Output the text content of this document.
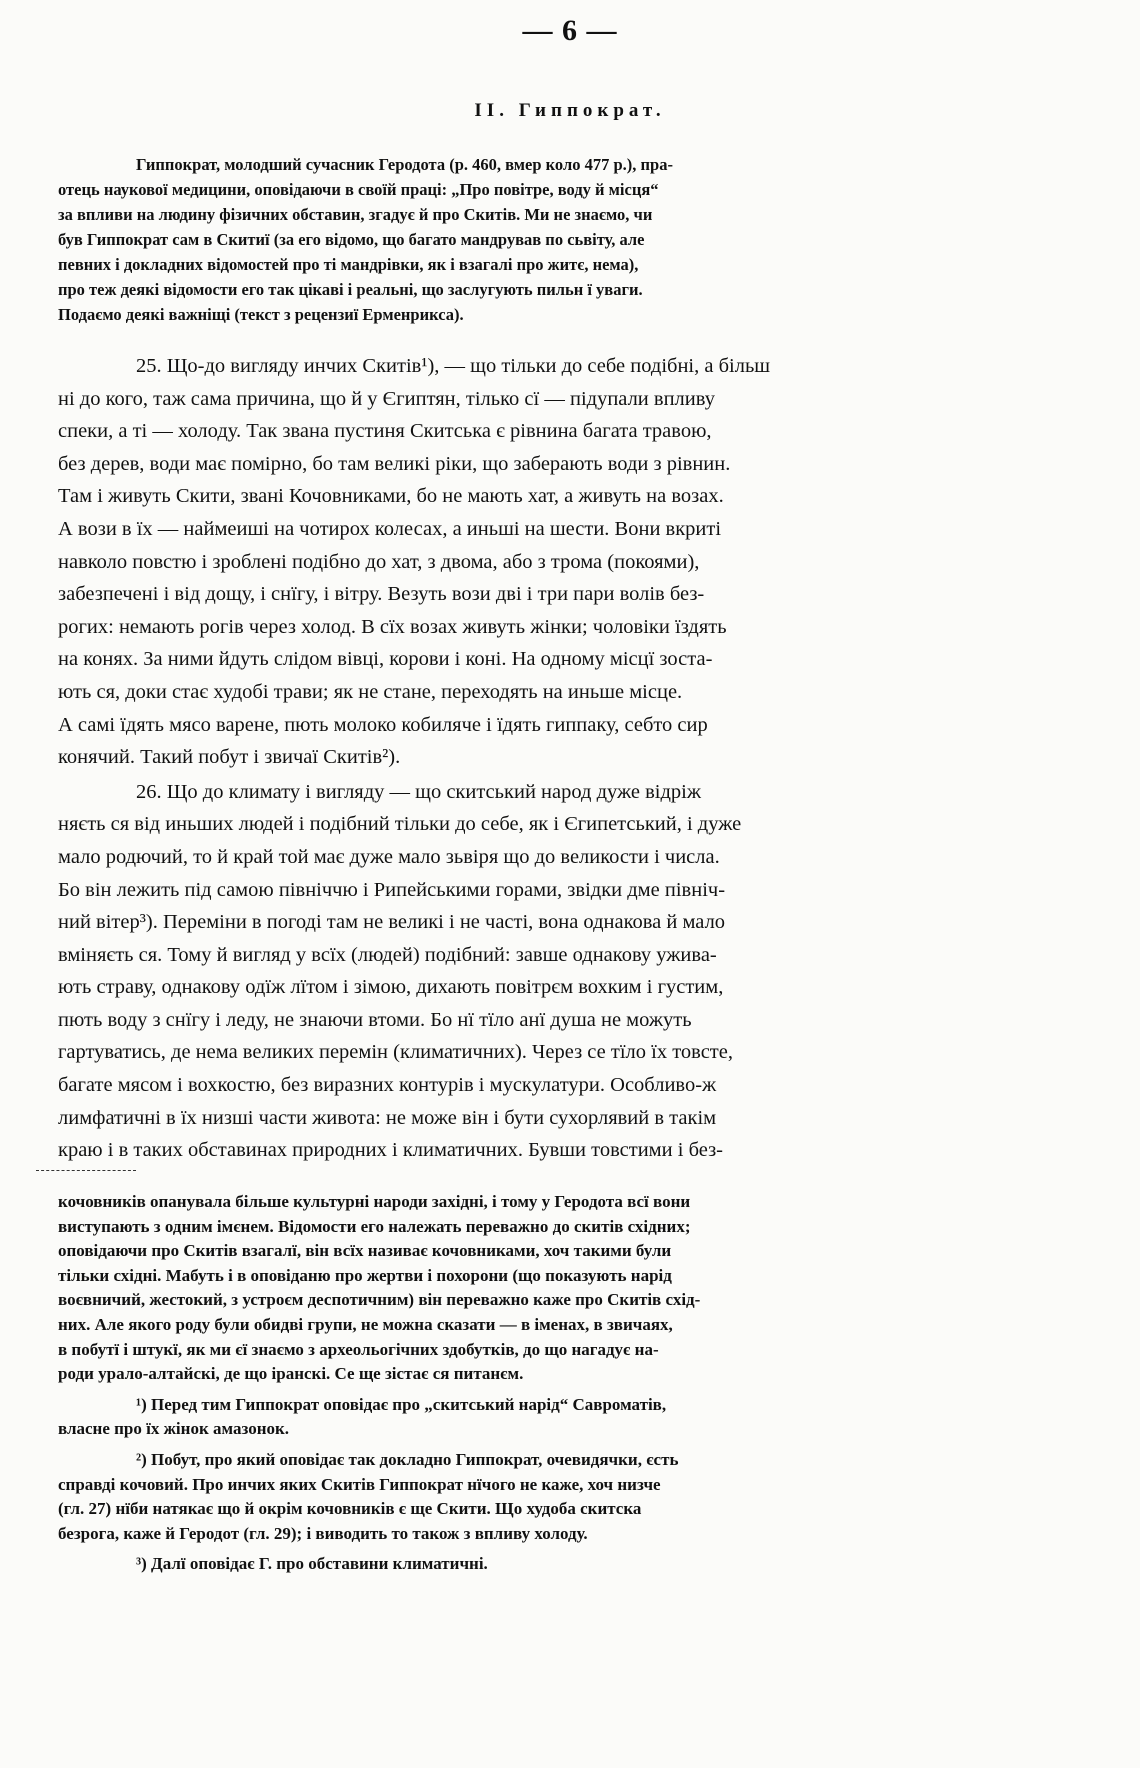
— 6 —
II. Гиппократ.
Гиппократ, молодший сучасник Геродота (р. 460, вмер коло 477 р.), пра-
отець наукової медицини, оповідаючи в своїй праці: „Про повітре, воду й місця“
за впливи на людину фізичних обставин, згадує й про Скитів. Ми не знаємо, чи
був Гиппократ сам в Скитиї (за его відомо, що багато мандрував по сьвіту, але
певних і докладних відомостей про ті мандрівки, як і взагалі про житє, нема),
про теж деякі відомости его так цікаві і реальні, що заслугують пильн ї уваги.
Подаємо деякі важніщі (текст з рецензиї Ерменрикса).
25. Що-до вигляду инчих Скитів¹), — що тільки до себе подібні, а більш
ні до кого, таж сама причина, що й у Єгиптян, тілько сї — підупали впливу
спеки, а ті — холоду. Так звана пустиня Скитська є рівнина багата травою,
без дерев, води має помірно, бо там великі ріки, що заберають води з рівнин.
Там і живуть Скити, звані Кочовниками, бо не мають хат, а живуть на возах.
А вози в їх — наймеиші на чотирох колесах, а иньші на шести. Вони вкриті
навколо повстю і зроблені подібно до хат, з двома, або з трома (покоями),
забезпечені і від дощу, і снїгу, і вітру. Везуть вози дві і три пари волів без-
рогих: немають рогів через холод. В сїх возах живуть жінки; чоловіки їздять
на конях. За ними йдуть слідом вівці, корови і коні. На одному місцї зоста-
ють ся, доки стає худобі трави; як не стане, переходять на иньше місце.
А самі їдять мясо варене, пють молоко кобиляче і їдять гиппаку, себто сир
конячий. Такий побут і звичаї Скитів²).
26. Що до климату і вигляду — що скитський народ дуже відріж
няєть ся від иньших людей і подібний тільки до себе, як і Єгипетський, і дуже
мало родючий, то й край той має дуже мало зьвіря що до великости і числа.
Бо він лежить під самою північчю і Рипейськими горами, звідки дме північ-
ний вітер³). Переміни в погоді там не великі і не часті, вона однакова й мало
вміняєть ся. Тому й вигляд у всїх (людей) подібний: завше однакову ужива-
ють страву, однакову одїж лїтом і зімою, дихають повітрєм вохким і густим,
пють воду з снїгу і леду, не знаючи втоми. Бо нї тїло анї душа не можуть
гартуватись, де нема великих перемін (климатичних). Через се тїло їх товсте,
багате мясом і вохкостю, без виразних контурів і мускулатури. Особливо-ж
лимфатичні в їх низші части живота: не може він і бути сухорлявий в такім
краю і в таких обставинах природних і климатичних. Бувши товстими і без-
кочовників опанувала більше культурні народи західні, і тому у Геродота всї вони
виступають з одним імєнем. Відомости его належать переважно до скитів східних;
оповідаючи про Скитів взагалї, він всїх називає кочовниками, хоч такими були
тільки східні. Мабуть і в оповіданю про жертви і похорони (що показують нарід
воєвничий, жестокий, з устроєм деспотичним) він переважно каже про Скитів схід-
них. Але якого роду були обидві групи, не можна сказати — в іменах, в звичаях,
в побутї і штукї, як ми єї знаємо з археольогічних здобутків, до що нагадує на-
роди урало-алтайскі, де що іранскі. Се ще зістає ся питанєм.
¹) Перед тим Гиппократ оповідає про „скитський нарід“ Савроматів,
власне про їх жінок амазонок.
²) Побут, про який оповідає так докладно Гиппократ, очевидячки, єсть
справді кочовий. Про инчих яких Скитів Гиппократ нїчого не каже, хоч низче
(гл. 27) нїби натякає що й окрім кочовників є ще Скити. Що худоба скитска
безрога, каже й Геродот (гл. 29); і виводить то також з впливу холоду.
³) Далї оповідає Г. про обставини климатичні.
